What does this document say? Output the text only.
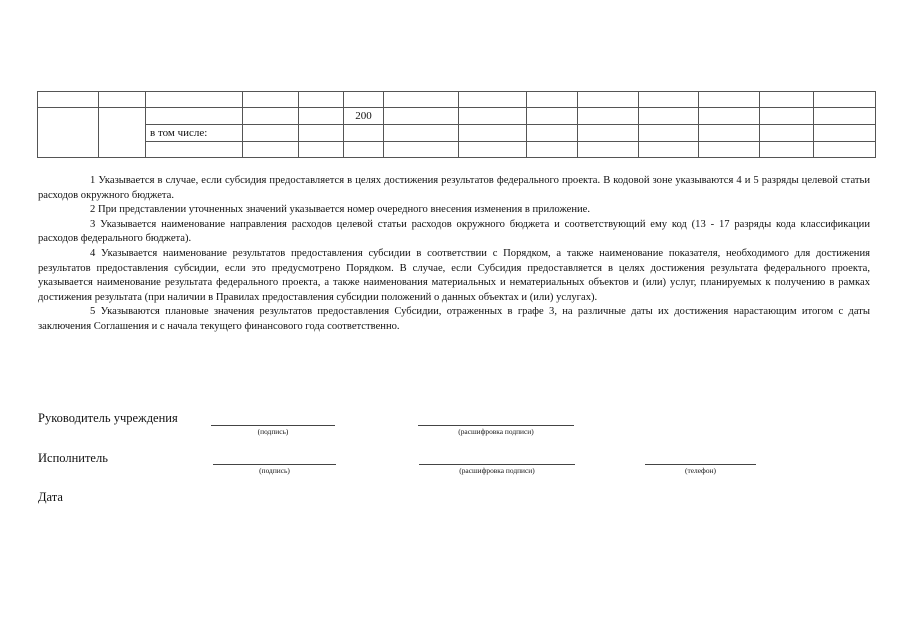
					200								
		в том числе:											

1 Указывается в случае, если субсидия предоставляется в целях достижения результатов федерального проекта. В кодовой зоне указываются 4 и 5 разряды целевой статьи расходов окружного бюджета.

2 При представлении уточненных значений указывается номер очередного внесения изменения в приложение.

3 Указывается наименование направления расходов целевой статьи расходов окружного бюджета и соответствующий ему код (13 - 17 разряды кода классификации расходов федерального бюджета).

4 Указывается наименование результатов предоставления субсидии в соответствии с Порядком, а также наименование показателя, необходимого для достижения результатов предоставления субсидии, если это предусмотрено Порядком. В случае, если Субсидия предоставляется в целях достижения результата федерального проекта, указывается наименование результата федерального проекта, а также наименования материальных и нематериальных объектов и (или) услуг, планируемых к получению в рамках достижения результата (при наличии в Правилах предоставления субсидии положений о данных объектах и (или) услугах).

5 Указываются плановые значения результатов предоставления Субсидии, отраженных в графе 3, на различные даты их достижения нарастающим итогом с даты заключения Соглашения и с начала текущего финансового года соответственно.

Руководитель учреждения
(подпись)	(расшифровка подписи)
Исполнитель
(подпись)	(расшифровка подписи)	(телефон)
Дата
